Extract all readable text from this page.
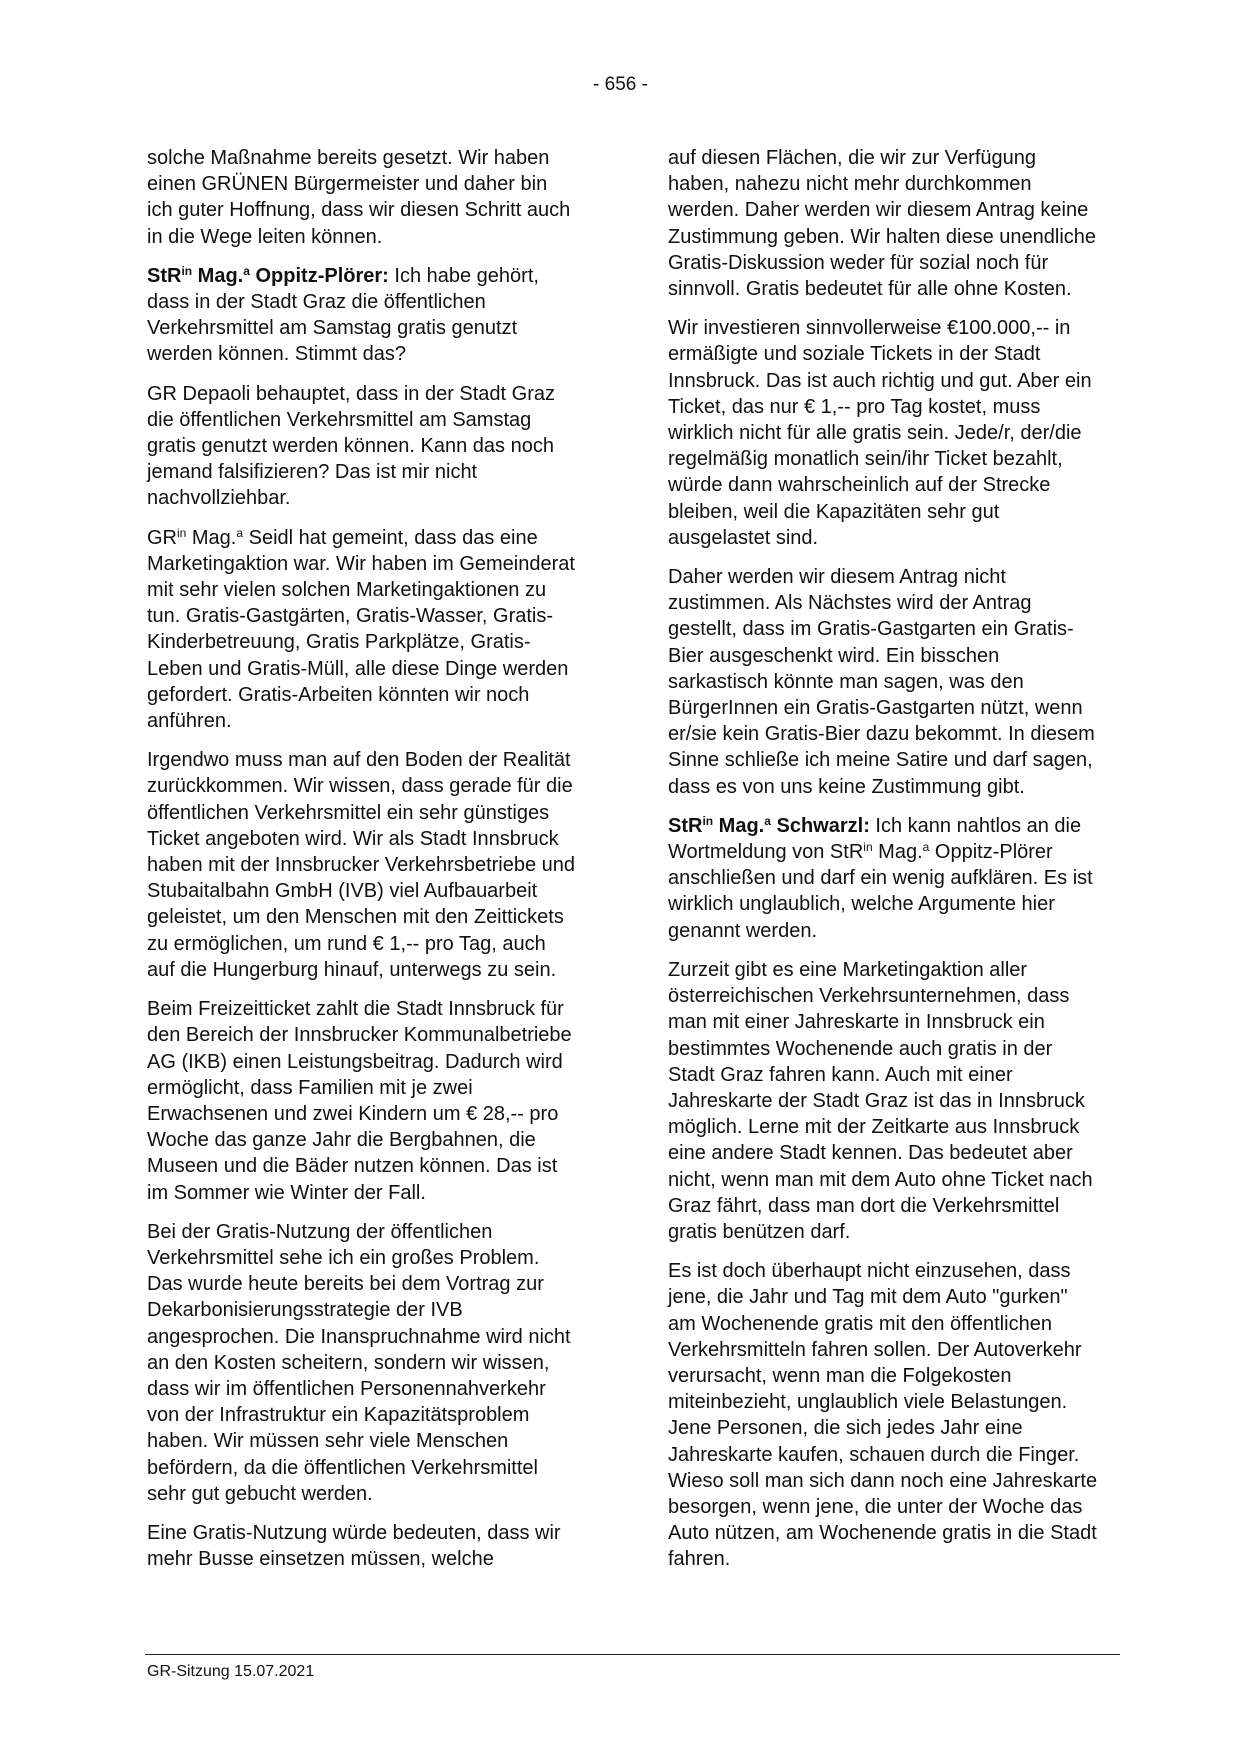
- 656 -

solche Maßnahme bereits gesetzt. Wir haben einen GRÜNEN Bürgermeister und daher bin ich guter Hoffnung, dass wir diesen Schritt auch in die Wege leiten können.

StR$^{in}$ Mag.$^a$ Oppitz-Plörer: Ich habe gehört, dass in der Stadt Graz die öffentlichen Verkehrsmittel am Samstag gratis genutzt werden können. Stimmt das?

GR Depaoli behauptet, dass in der Stadt Graz die öffentlichen Verkehrsmittel am Samstag gratis genutzt werden können. Kann das noch jemand falsifizieren? Das ist mir nicht nachvollziehbar.

$GR^{in}$ Mag.$^a$ Seidl hat gemeint, dass das eine Marketingaktion war. Wir haben im Gemeinderat mit sehr vielen solchen Marketingaktionen zu tun. Gratis-Gastgärten, Gratis-Wasser, Gratis-Kinderbetreuung, Gratis Parkplätze, Gratis-Leben und Gratis-Müll, alle diese Dinge werden gefordert. Gratis-Arbeiten könnten wir noch anführen.

Irgendwo muss man auf den Boden der Realität zurückkommen. Wir wissen, dass gerade für die öffentlichen Verkehrsmittel ein sehr günstiges Ticket angeboten wird. Wir als Stadt Innsbruck haben mit der Innsbrucker Verkehrsbetriebe und Stubaitalbahn GmbH (IVB) viel Aufbauarbeit geleistet, um den Menschen mit den Zeittickets zu ermöglichen, um rund € 1,-- pro Tag, auch auf die Hungerburg hinauf, unterwegs zu sein.

Beim Freizeitticket zahlt die Stadt Innsbruck für den Bereich der Innsbrucker Kommunalbetriebe AG (IKB) einen Leistungsbeitrag. Dadurch wird ermöglicht, dass Familien mit je zwei Erwachsenen und zwei Kindern um € 28,-- pro Woche das ganze Jahr die Bergbahnen, die Museen und die Bäder nutzen können. Das ist im Sommer wie Winter der Fall.

Bei der Gratis-Nutzung der öffentlichen Verkehrsmittel sehe ich ein großes Problem. Das wurde heute bereits bei dem Vortrag zur Dekarbonisierungsstrategie der IVB angesprochen. Die Inanspruchnahme wird nicht an den Kosten scheitern, sondern wir wissen, dass wir im öffentlichen Personennahverkehr von der Infrastruktur ein Kapazitätsproblem haben. Wir müssen sehr viele Menschen befördern, da die öffentlichen Verkehrsmittel sehr gut gebucht werden.

Eine Gratis-Nutzung würde bedeuten, dass wir mehr Busse einsetzen müssen, welche

auf diesen Flächen, die wir zur Verfügung haben, nahezu nicht mehr durchkommen werden. Daher werden wir diesem Antrag keine Zustimmung geben. Wir halten diese unendliche Gratis-Diskussion weder für sozial noch für sinnvoll. Gratis bedeutet für alle ohne Kosten.

Wir investieren sinnvollerweise €100.000,-- in ermäßigte und soziale Tickets in der Stadt Innsbruck. Das ist auch richtig und gut. Aber ein Ticket, das nur € 1,-- pro Tag kostet, muss wirklich nicht für alle gratis sein. Jede/r, der/die regelmäßig monatlich sein/ihr Ticket bezahlt, würde dann wahrscheinlich auf der Strecke bleiben, weil die Kapazitäten sehr gut ausgelastet sind.

Daher werden wir diesem Antrag nicht zustimmen. Als Nächstes wird der Antrag gestellt, dass im Gratis-Gastgarten ein Gratis-Bier ausgeschenkt wird. Ein bisschen sarkastisch könnte man sagen, was den BürgerInnen ein Gratis-Gastgarten nützt, wenn er/sie kein Gratis-Bier dazu bekommt. In diesem Sinne schließe ich meine Satire und darf sagen, dass es von uns keine Zustimmung gibt.

StR$^{in}$ Mag.$^a$ Schwarzl: Ich kann nahtlos an die Wortmeldung von StR$^{in}$ Mag.$^a$ Oppitz-Plörer anschließen und darf ein wenig aufklären. Es ist wirklich unglaublich, welche Argumente hier genannt werden.

Zurzeit gibt es eine Marketingaktion aller österreichischen Verkehrsunternehmen, dass man mit einer Jahreskarte in Innsbruck ein bestimmtes Wochenende auch gratis in der Stadt Graz fahren kann. Auch mit einer Jahreskarte der Stadt Graz ist das in Innsbruck möglich. Lerne mit der Zeitkarte aus Innsbruck eine andere Stadt kennen. Das bedeutet aber nicht, wenn man mit dem Auto ohne Ticket nach Graz fährt, dass man dort die Verkehrsmittel gratis benützen darf.

Es ist doch überhaupt nicht einzusehen, dass jene, die Jahr und Tag mit dem Auto "gurken" am Wochenende gratis mit den öffentlichen Verkehrsmitteln fahren sollen. Der Autoverkehr verursacht, wenn man die Folgekosten miteinbezieht, unglaublich viele Belastungen. Jene Personen, die sich jedes Jahr eine Jahreskarte kaufen, schauen durch die Finger. Wieso soll man sich dann noch eine Jahreskarte besorgen, wenn jene, die unter der Woche das Auto nützen, am Wochenende gratis in die Stadt fahren.

GR-Sitzung 15.07.2021
